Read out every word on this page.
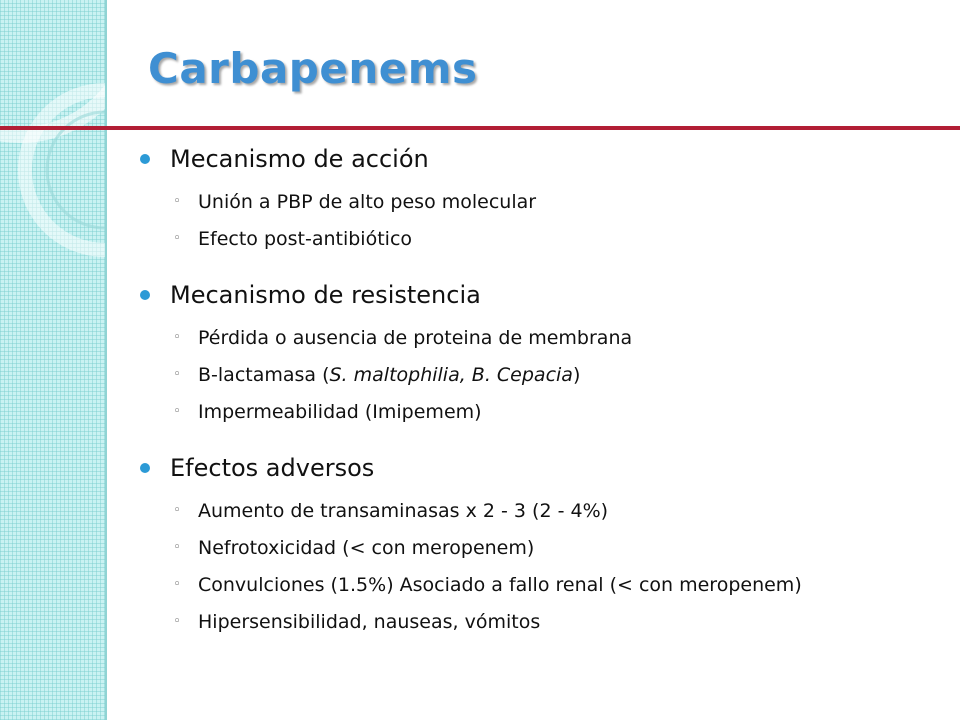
Carbapenems
Mecanismo de acción
◦ Unión a PBP de alto peso molecular
◦ Efecto post-antibiótico
Mecanismo de resistencia
◦ Pérdida o ausencia de proteina de membrana
◦ B-lactamasa (S. maltophilia, B. Cepacia)
◦ Impermeabilidad (Imipemem)
Efectos adversos
◦ Aumento de transaminasas x 2 - 3 (2 - 4%)
◦ Nefrotoxicidad (< con meropenem)
◦ Convulciones (1.5%) Asociado a fallo renal (< con meropenem)
◦ Hipersensibilidad, nauseas, vómitos
